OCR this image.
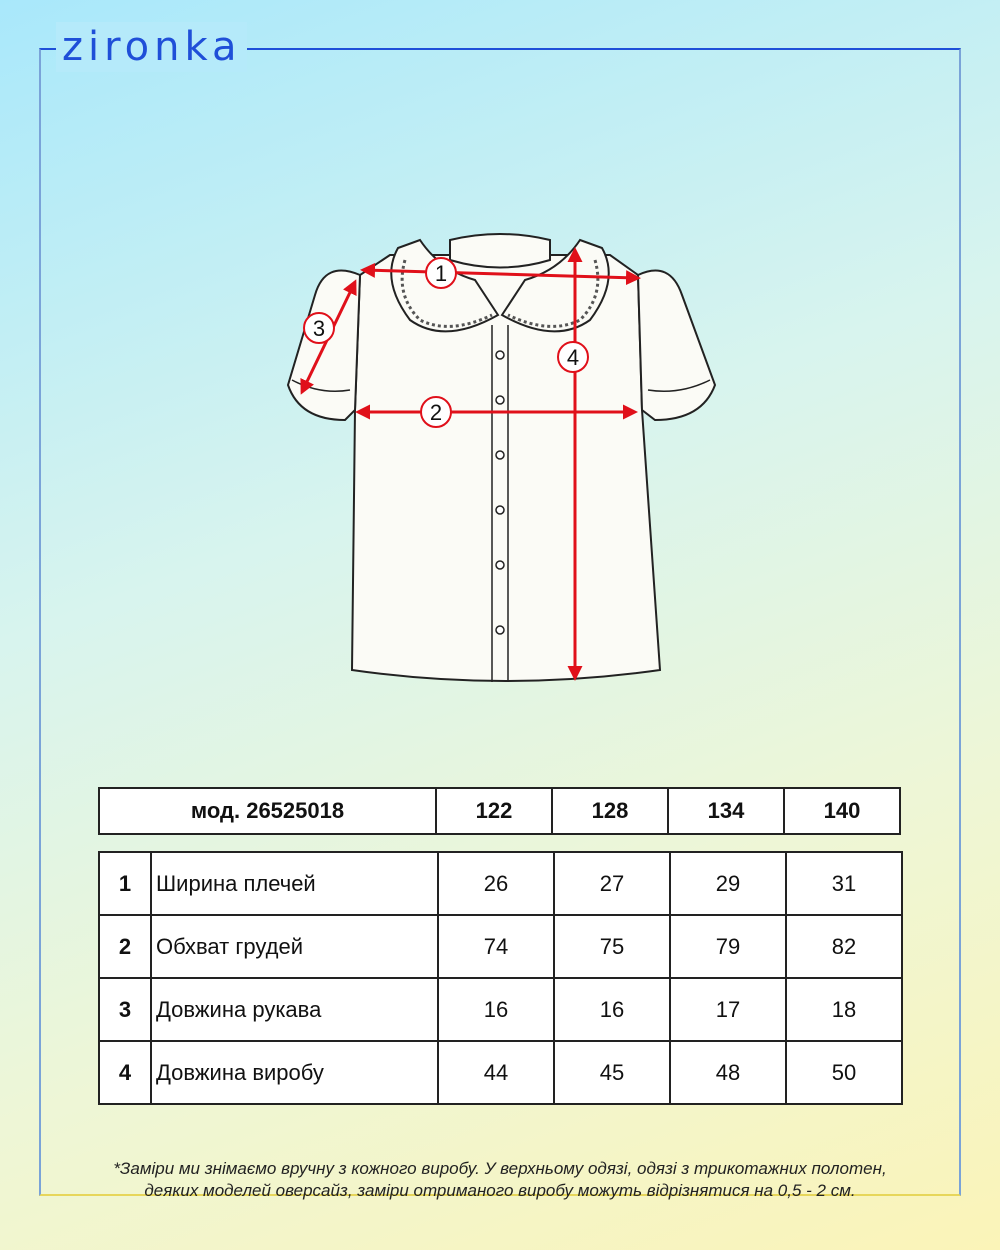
zironka
1
2
3
4
мод. 26525018	122	128	134	140
1	Ширина плечей	26	27	29	31
2	Обхват грудей	74	75	79	82
3	Довжина рукава	16	16	17	18
4	Довжина виробу	44	45	48	50
*Заміри ми знімаємо вручну з кожного виробу. У верхньому одязі, одязі з трикотажних полотен,
деяких моделей оверсайз, заміри отриманого виробу можуть відрізнятися на 0,5 - 2 см.
